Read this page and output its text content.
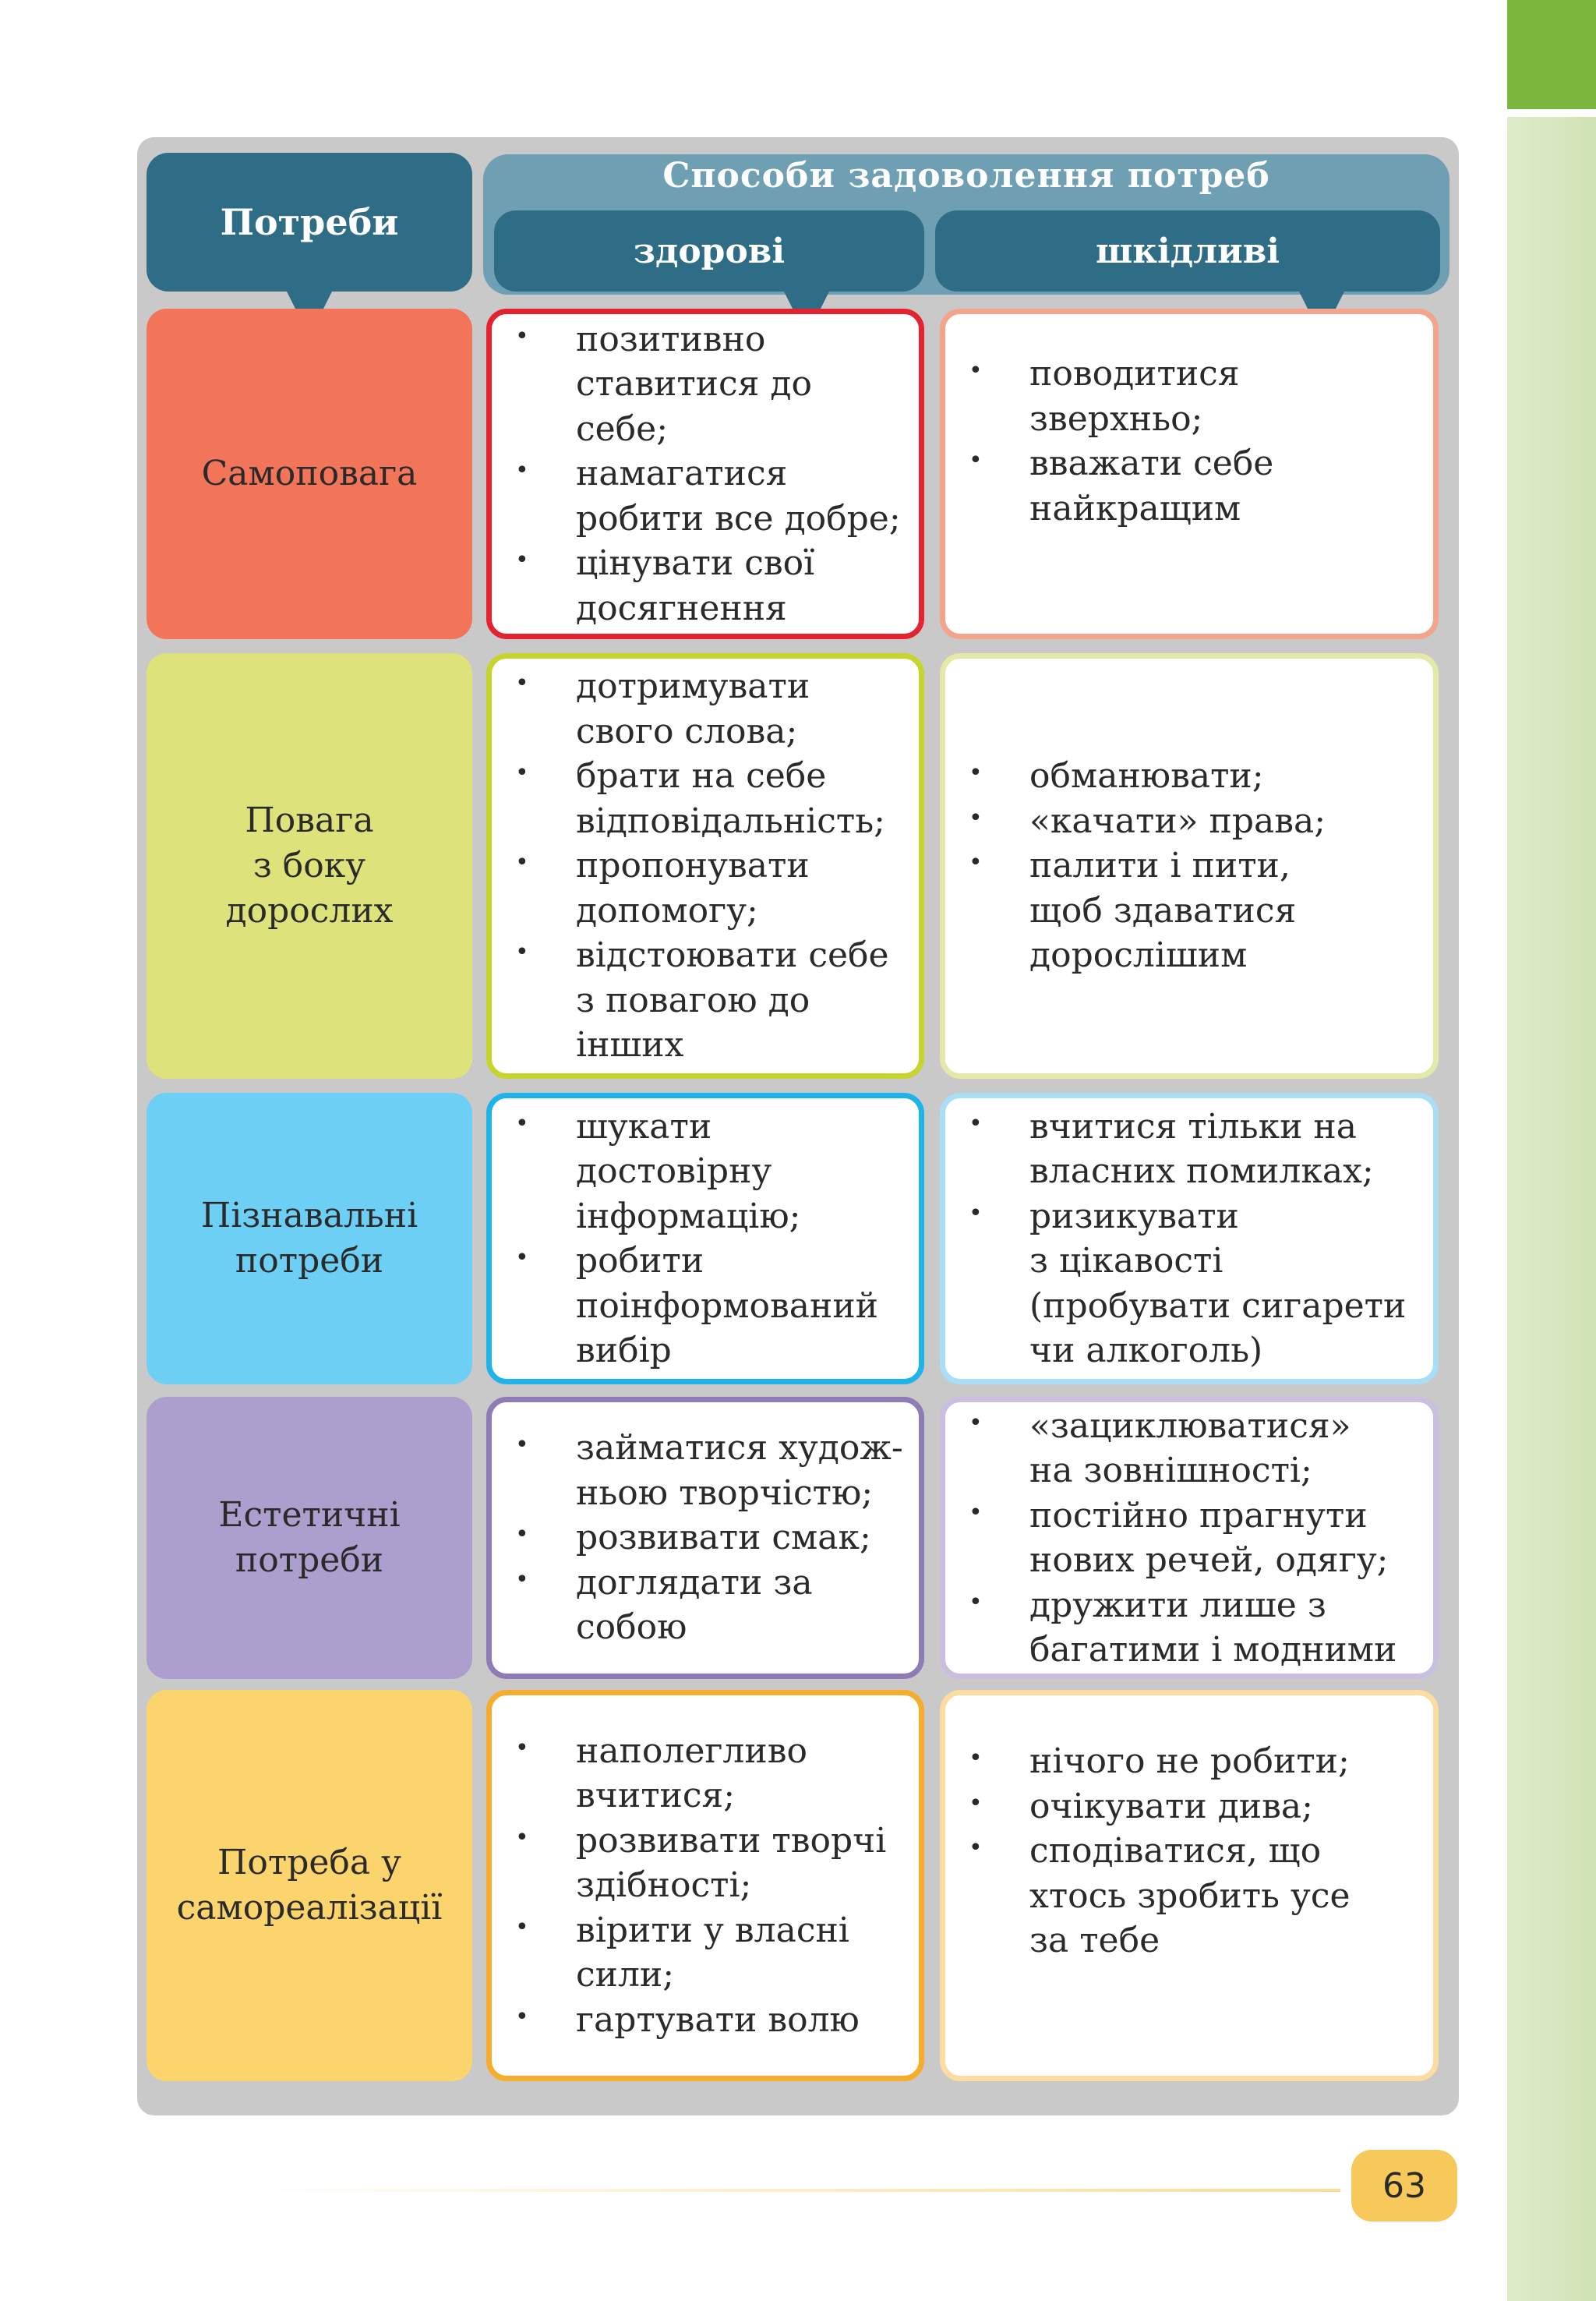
Потреби
Способи задоволення потреб
здорові	шкідливі
Самоповага
• позитивно
ставитися до
себе;
• намагатися
робити все добре;
• цінувати свої
досягнення
• поводитися
зверхньо;
• вважати себе
найкращим
Повага
з боку
дорослих
• дотримувати
свого слова;
• брати на себе
відповідальність;
• пропонувати
допомогу;
• відстоювати себе
з повагою до
інших
• обманювати;
• «качати» права;
• палити і пити,
щоб здаватися
дорослішим
Пізнавальні
потреби
• шукати
достовірну
інформацію;
• робити
поінформований
вибір
• вчитися тільки на
власних помилках;
• ризикувати
з цікавості
(пробувати сигарети
чи алкоголь)
Естетичні
потреби
• займатися худож-
ньою творчістю;
• розвивати смак;
• доглядати за
собою
• «зациклюватися»
на зовнішності;
• постійно прагнути
нових речей, одягу;
• дружити лише з
багатими і модними
Потреба у
самореалізації
• наполегливо
вчитися;
• розвивати творчі
здібності;
• вірити у власні
сили;
• гартувати волю
• нічого не робити;
• очікувати дива;
• сподіватися, що
хтось зробить усе
за тебе
63
